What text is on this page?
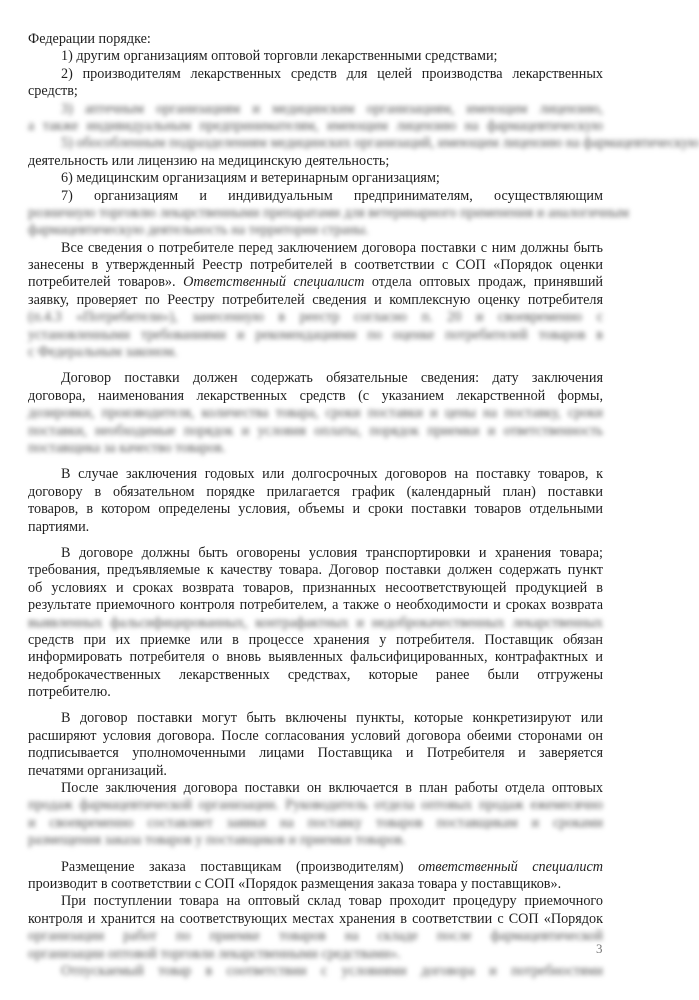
Федерации порядке:
1) другим организациям оптовой торговли лекарственными средствами;
2) производителям лекарственных средств для целей производства лекарственных
средств;
3) аптечным организациям и медицинским организациям, имеющим лицензию,
а также индивидуальным предпринимателям, имеющим лицензию на фармацевтическую
5) обособленным подразделениям медицинских организаций, имеющим лицензию на фармацевтическую
деятельность или лицензию на медицинскую деятельность;
6) медицинским организациям и ветеринарным организациям;
7) организациям и индивидуальным предпринимателям, осуществляющим
розничную торговлю лекарственными препаратами для ветеринарного применения и аналогичным
фармацевтическую деятельность на территории страны.
Все сведения о потребителе перед заключением договора поставки с ним должны быть
занесены в утвержденный Реестр потребителей в соответствии с СОП «Порядок оценки
потребителей товаров». Ответственный специалист отдела оптовых продаж, принявший
заявку, проверяет по Реестру потребителей сведения и комплексную оценку потребителя
(п.4.3 «Потребители»), занесенную в реестр согласно п. 20 и своевременно с
установленными требованиями и рекомендациями по оценке потребителей товаров в
с Федеральным законом.
Договор поставки должен содержать обязательные сведения: дату заключения
договора, наименования лекарственных средств (с указанием лекарственной формы,
дозировки, производителя, количества товара, сроки поставки и цены на поставку, сроки
поставки, необходимые порядок и условия оплаты, порядок приемки и ответственность
поставщика за качество товаров.
В случае заключения годовых или долгосрочных договоров на поставку товаров, к
договору в обязательном порядке прилагается график (календарный план) поставки
товаров, в котором определены условия, объемы и сроки поставки товаров отдельными
партиями.
В договоре должны быть оговорены условия транспортировки и хранения товара;
требования, предъявляемые к качеству товара. Договор поставки должен содержать пункт
об условиях и сроках возврата товаров, признанных несоответствующей продукцией в
результате приемочного контроля потребителем, а также о необходимости и сроках возврата
выявленных фальсифицированных, контрафактных и недоброкачественных лекарственных
средств при их приемке или в процессе хранения у потребителя. Поставщик обязан
информировать потребителя о вновь выявленных фальсифицированных, контрафактных и
недоброкачественных лекарственных средствах, которые ранее были отгружены
потребителю.
В договор поставки могут быть включены пункты, которые конкретизируют или
расширяют условия договора. После согласования условий договора обеими сторонами он
подписывается уполномоченными лицами Поставщика и Потребителя и заверяется
печатями организаций.
После заключения договора поставки он включается в план работы отдела оптовых
продаж фармацевтической организации. Руководитель отдела оптовых продаж ежемесячно
и своевременно составляет заявки на поставку товаров поставщикам и сроками
размещения заказа товаров у поставщиков и приемки товаров.
Размещение заказа поставщикам (производителям) ответственный специалист
производит в соответствии с СОП «Порядок размещения заказа товара у поставщиков».
При поступлении товара на оптовый склад товар проходит процедуру приемочного
контроля и хранится на соответствующих местах хранения в соответствии с СОП «Порядок
организации работ по приемке товаров на складе после фармацевтической
организации оптовой торговли лекарственными средствами».
Отпускаемый товар в соответствии с условиями договора и потребностями
3
